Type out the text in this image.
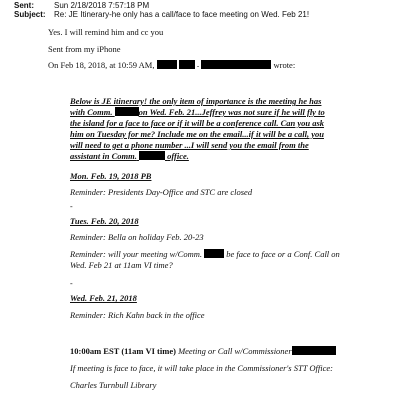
Sent:	Sun 2/18/2018 7:57:18 PM
Subject: Re: JE Itinerary-he only has a call/face to face meeting on Wed. Feb 21!
Yes. I will remind him and cc you
Sent from my iPhone
On Feb 18, 2018, at 10:59 AM,	-	wrote:
Below is JE itinerary! the only item of importance is the meeting he has
with Comm.	on Wed. Feb. 21...Jeffrey was not sure if he will fly to
the island for a face to face or if it will be a conference call. Can you ask
him on Tuesday for me? Include me on the email...if it will be a call, you
will need to get a phone number ...I will send you the email from the
assistant in Comm.	office.
Mon. Feb. 19, 2018 PB
Reminder: Presidents Day-Office and STC are closed
-
Tues. Feb. 20, 2018
Reminder: Bella on holiday Feb. 20-23
Reminder: will your meeting w/Comm.	be face to face or a Conf. Call on
Wed. Feb 21 at 11am VI time?
-
Wed. Feb. 21, 2018
Reminder: Rich Kahn back in the office
10:00am EST (11am VI time) Meeting or Call w/Commissioner
If meeting is face to face, it will take place in the Commissioner's STT Office:
Charles Turnbull Library
